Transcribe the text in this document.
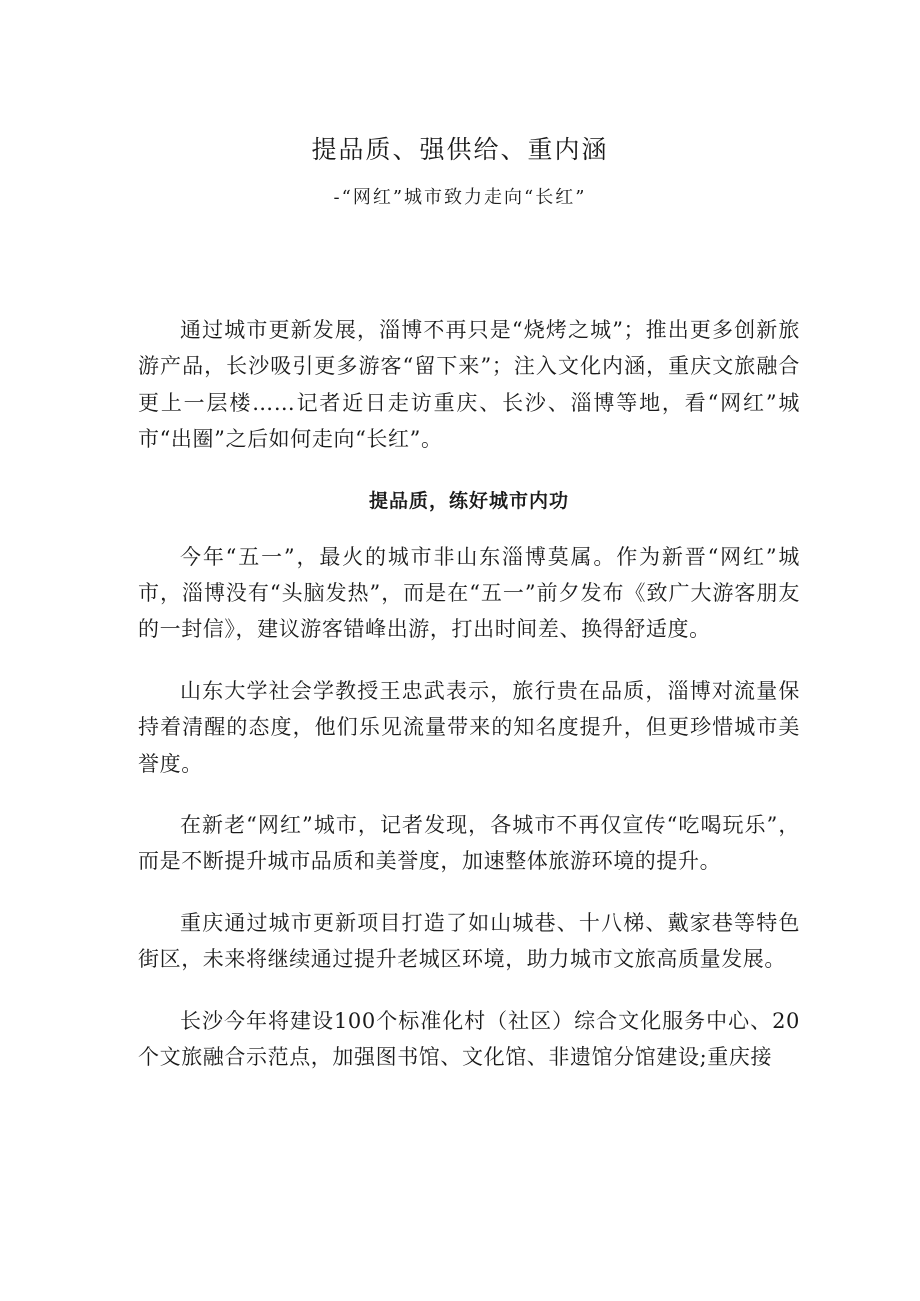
提品质、强供给、重内涵

-“网红”城市致力走向“长红”

通过城市更新发展，淄博不再只是“烧烤之城”；推出更多创新旅游产品，长沙吸引更多游客“留下来”；注入文化内涵，重庆文旅融合更上一层楼……记者近日走访重庆、长沙、淄博等地，看“网红”城市“出圈”之后如何走向“长红”。

提品质，练好城市内功

今年“五一”，最火的城市非山东淄博莫属。作为新晋“网红”城市，淄博没有“头脑发热”，而是在“五一”前夕发布《致广大游客朋友的一封信》，建议游客错峰出游，打出时间差、换得舒适度。

山东大学社会学教授王忠武表示，旅行贵在品质，淄博对流量保持着清醒的态度，他们乐见流量带来的知名度提升，但更珍惜城市美誉度。

在新老“网红”城市，记者发现，各城市不再仅宣传“吃喝玩乐”，而是不断提升城市品质和美誉度，加速整体旅游环境的提升。

重庆通过城市更新项目打造了如山城巷、十八梯、戴家巷等特色街区，未来将继续通过提升老城区环境，助力城市文旅高质量发展。

长沙今年将建设100个标准化村（社区）综合文化服务中心、20个文旅融合示范点，加强图书馆、文化馆、非遗馆分馆建设;重庆接
